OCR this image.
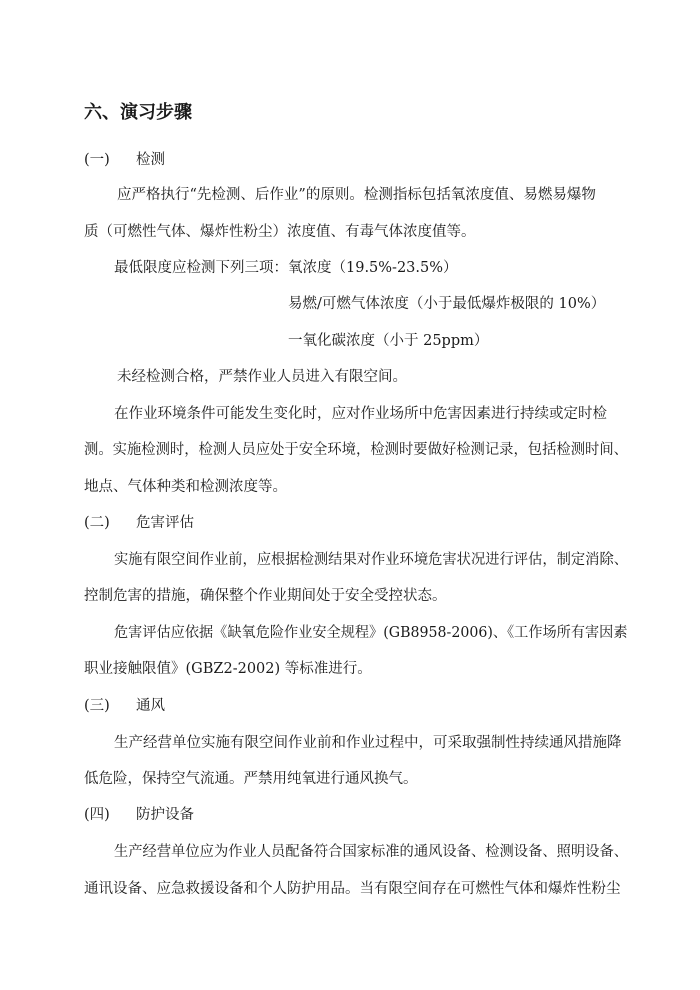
六、演习步骤
(一) 检测
应严格执行“先检测、后作业”的原则。检测指标包括氧浓度值、易燃易爆物
质（可燃性气体、爆炸性粉尘）浓度值、有毒气体浓度值等。
最低限度应检测下列三项：氧浓度（19.5%-23.5%）
易燃/可燃气体浓度（小于最低爆炸极限的 10%）
一氧化碳浓度（小于 25ppm）
未经检测合格，严禁作业人员进入有限空间。
在作业环境条件可能发生变化时，应对作业场所中危害因素进行持续或定时检
测。实施检测时，检测人员应处于安全环境，检测时要做好检测记录，包括检测时间、
地点、气体种类和检测浓度等。
(二) 危害评估
实施有限空间作业前，应根据检测结果对作业环境危害状况进行评估，制定消除、
控制危害的措施，确保整个作业期间处于安全受控状态。
危害评估应依据《缺氧危险作业安全规程》(GB8958-2006)、《工作场所有害因素
职业接触限值》(GBZ2-2002) 等标准进行。
(三) 通风
生产经营单位实施有限空间作业前和作业过程中，可采取强制性持续通风措施降
低危险，保持空气流通。严禁用纯氧进行通风换气。
(四) 防护设备
生产经营单位应为作业人员配备符合国家标准的通风设备、检测设备、照明设备、
通讯设备、应急救援设备和个人防护用品。当有限空间存在可燃性气体和爆炸性粉尘
